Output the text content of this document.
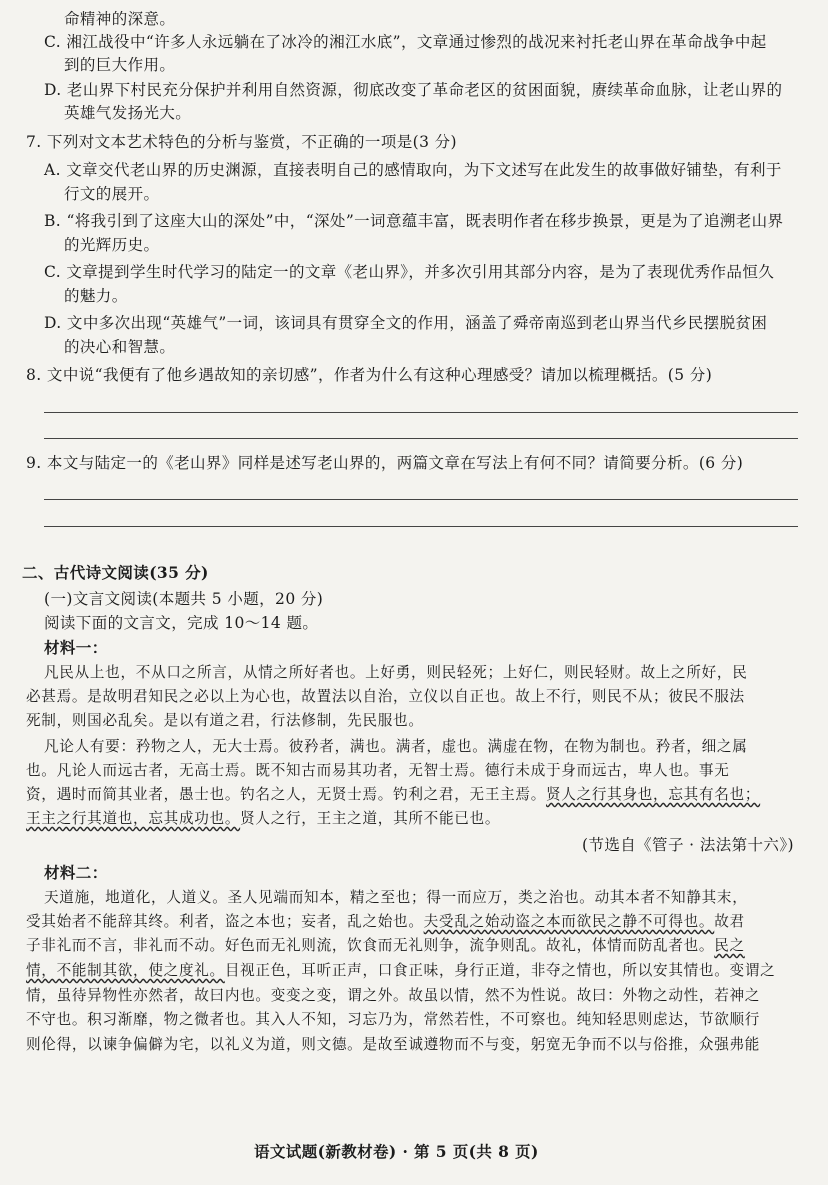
命精神的深意。
C. 湘江战役中“许多人永远躺在了冰冷的湘江水底”，文章通过惨烈的战况来衬托老山界在革命战争中起
到的巨大作用。
D. 老山界下村民充分保护并利用自然资源，彻底改变了革命老区的贫困面貌，赓续革命血脉，让老山界的
英雄气发扬光大。
7. 下列对文本艺术特色的分析与鉴赏，不正确的一项是(3 分)
A. 文章交代老山界的历史渊源，直接表明自己的感情取向，为下文述写在此发生的故事做好铺垫，有利于
行文的展开。
B. “将我引到了这座大山的深处”中，“深处”一词意蕴丰富，既表明作者在移步换景，更是为了追溯老山界
的光辉历史。
C. 文章提到学生时代学习的陆定一的文章《老山界》，并多次引用其部分内容，是为了表现优秀作品恒久
的魅力。
D. 文中多次出现“英雄气”一词，该词具有贯穿全文的作用，涵盖了舜帝南巡到老山界当代乡民摆脱贫困
的决心和智慧。
8. 文中说“我便有了他乡遇故知的亲切感”，作者为什么有这种心理感受？请加以梳理概括。(5 分)
9. 本文与陆定一的《老山界》同样是述写老山界的，两篇文章在写法上有何不同？请简要分析。(6 分)
二、古代诗文阅读(35 分)
(一)文言文阅读(本题共 5 小题，20 分)
阅读下面的文言文，完成 10～14 题。
材料一：
凡民从上也，不从口之所言，从情之所好者也。上好勇，则民轻死；上好仁，则民轻财。故上之所好，民
必甚焉。是故明君知民之必以上为心也，故置法以自治，立仪以自正也。故上不行，则民不从；彼民不服法
死制，则国必乱矣。是以有道之君，行法修制，先民服也。
凡论人有要：矜物之人，无大士焉。彼矜者，满也。满者，虚也。满虚在物，在物为制也。矜者，细之属
也。凡论人而远古者，无高士焉。既不知古而易其功者，无智士焉。德行未成于身而远古，卑人也。事无
资，遇时而简其业者，愚士也。钓名之人，无贤士焉。钓利之君，无王主焉。贤人之行其身也，忘其有名也；
王主之行其道也，忘其成功也。贤人之行，王主之道，其所不能已也。
(节选自《管子 · 法法第十六》)
材料二：
天道施，地道化，人道义。圣人见端而知本，精之至也；得一而应万，类之治也。动其本者不知静其末，
受其始者不能辞其终。利者，盗之本也；妄者，乱之始也。夫受乱之始动盗之本而欲民之静不可得也。故君
子非礼而不言，非礼而不动。好色而无礼则流，饮食而无礼则争，流争则乱。故礼，体情而防乱者也。民之
情，不能制其欲，使之度礼。目视正色，耳听正声，口食正味，身行正道，非夺之情也，所以安其情也。变谓之
情，虽待异物性亦然者，故曰内也。变变之变，谓之外。故虽以情，然不为性说。故曰：外物之动性，若神之
不守也。积习渐靡，物之微者也。其入人不知，习忘乃为，常然若性，不可察也。纯知轻思则虑达，节欲顺行
则伦得，以谏争偏僻为宅，以礼义为道，则文德。是故至诚遵物而不与变，躬宽无争而不以与俗推，众强弗能
语文试题(新教材卷) · 第 5 页(共 8 页)
